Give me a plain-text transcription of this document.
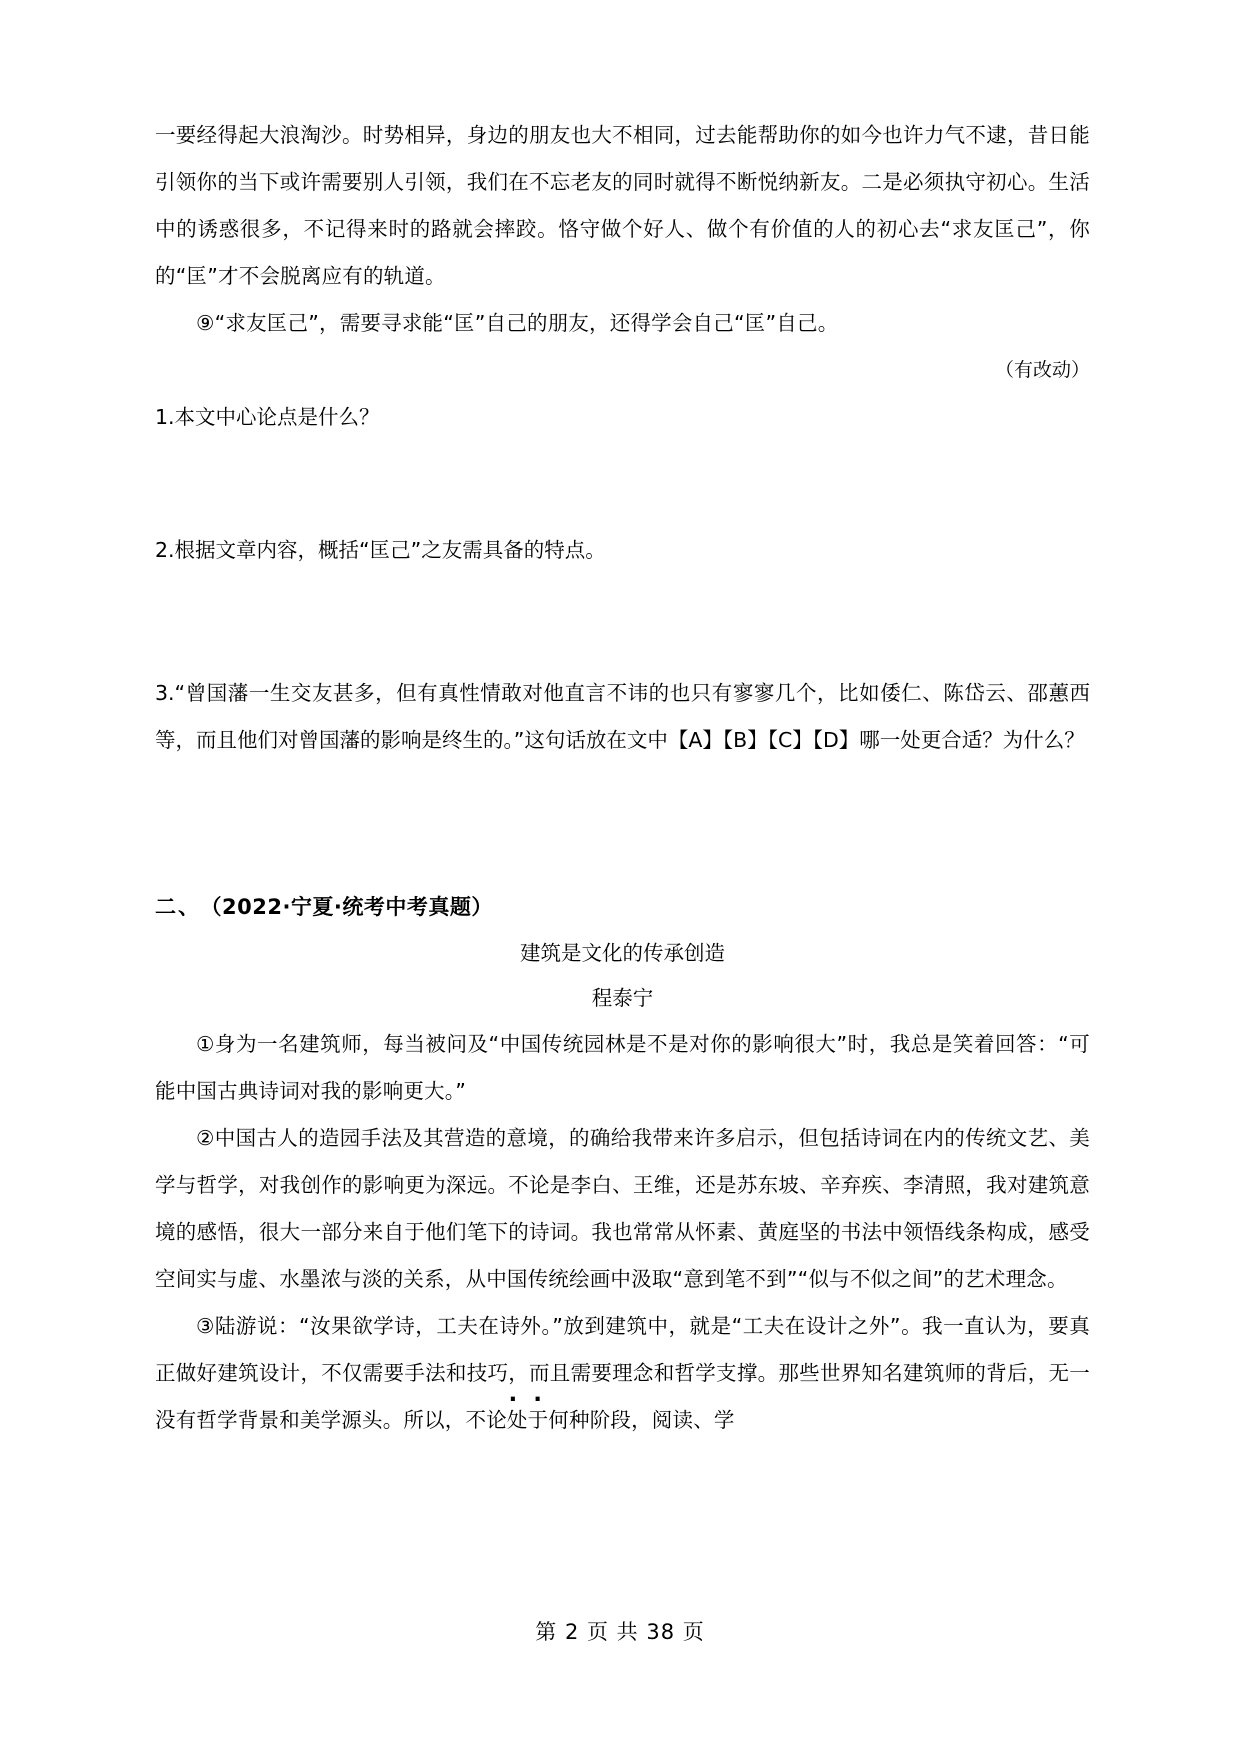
一要经得起大浪淘沙。时势相异，身边的朋友也大不相同，过去能帮助你的如今也许力气不逮，昔日能引领你的当下或许需要别人引领，我们在不忘老友的同时就得不断悦纳新友。二是必须执守初心。生活中的诱惑很多，不记得来时的路就会摔跤。恪守做个好人、做个有价值的人的初心去“求友匡己”，你的“匡”才不会脱离应有的轨道。

⑨“求友匡己”，需要寻求能“匡”自己的朋友，还得学会自己“匡”自己。

（有改动）

1.本文中心论点是什么？

2.根据文章内容，概括“匡己”之友需具备的特点。

3.“曾国藩一生交友甚多，但有真性情敢对他直言不讳的也只有寥寥几个，比如倭仁、陈岱云、邵蕙西等，而且他们对曾国藩的影响是终生的。”这句话放在文中【A】【B】【C】【D】哪一处更合适？为什么？

二、 （2022·宁夏·统考中考真题）

建筑是文化的传承创造

程泰宁

①身为一名建筑师，每当被问及“中国传统园林是不是对你的影响很大”时，我总是笑着回答：“可能中国古典诗词对我的影响更大。”

②中国古人的造园手法及其营造的意境，的确给我带来许多启示，但包括诗词在内的传统文艺、美学与哲学，对我创作的影响更为深远。不论是李白、王维，还是苏东坡、辛弃疾、李清照，我对建筑意境的感悟，很大一部分来自于他们笔下的诗词。我也常常从怀素、黄庭坚的书法中领悟线条构成，感受空间实与虚、水墨浓与淡的关系，从中国传统绘画中汲取“意到笔不到”“似与不似之间”的艺术理念。

③陆游说：“汝果欲学诗，工夫在诗外。”放到建筑中，就是“工夫在设计之外”。我一直认为，要真正做好建筑设计，不仅需要手法和技巧，而且需要理念和哲学支撑。那些世界知名建筑师的背后，无一没有哲学背景和美学源头。所以，不论 ··处于何种阶段，阅读、学

第 2 页 共 38 页
